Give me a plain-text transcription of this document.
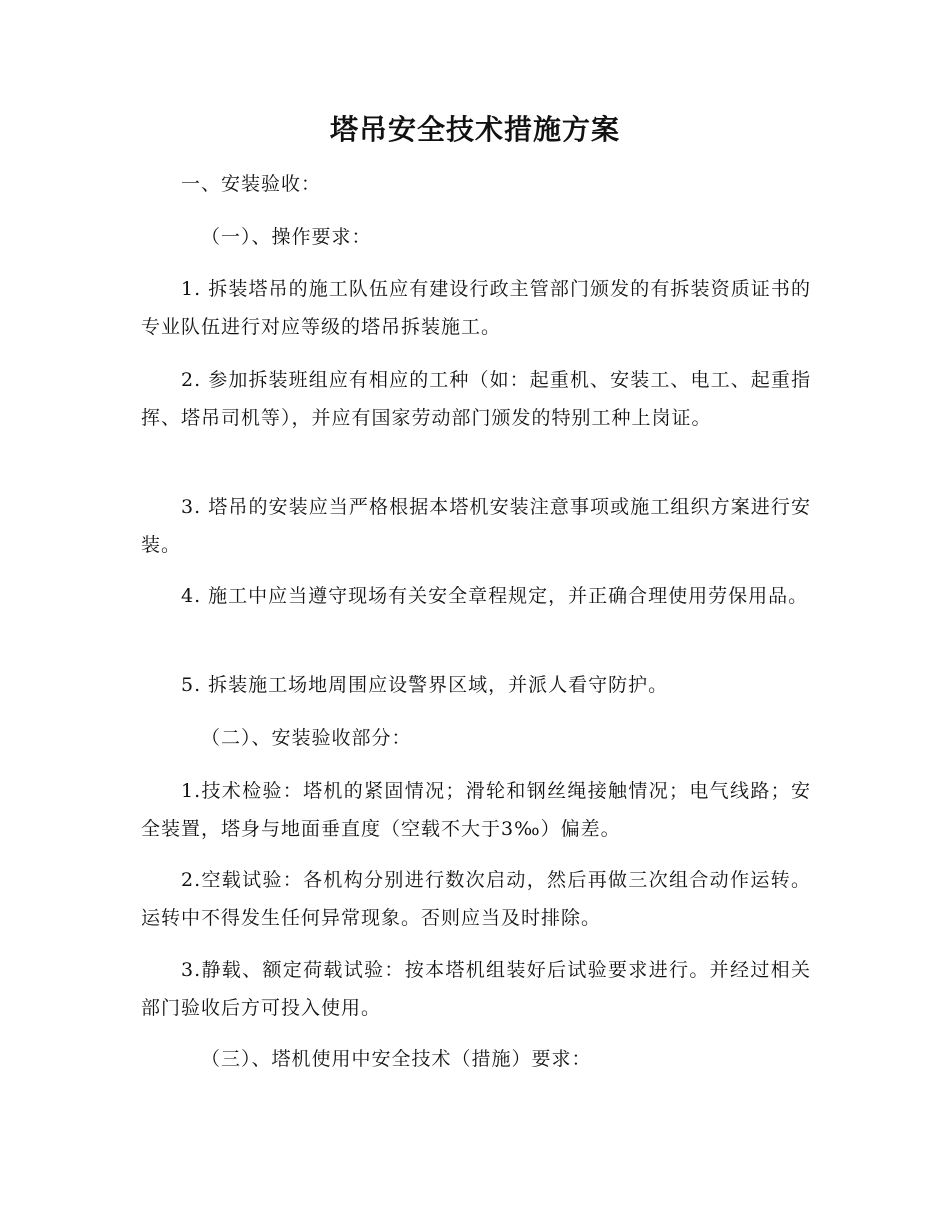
塔吊安全技术措施方案

一、安装验收：

（一）、操作要求：

1. 拆装塔吊的施工队伍应有建设行政主管部门颁发的有拆装资质证书的专业队伍进行对应等级的塔吊拆装施工。

2. 参加拆装班组应有相应的工种（如：起重机、安装工、电工、起重指挥、塔吊司机等），并应有国家劳动部门颁发的特别工种上岗证。

3. 塔吊的安装应当严格根据本塔机安装注意事项或施工组织方案进行安装。

4. 施工中应当遵守现场有关安全章程规定，并正确合理使用劳保用品。

5. 拆装施工场地周围应设警界区域，并派人看守防护。

（二）、安装验收部分：

1.技术检验：塔机的紧固情况；滑轮和钢丝绳接触情况；电气线路；安全装置，塔身与地面垂直度（空载不大于3‰）偏差。

2.空载试验：各机构分别进行数次启动，然后再做三次组合动作运转。运转中不得发生任何异常现象。否则应当及时排除。

3.静载、额定荷载试验：按本塔机组装好后试验要求进行。并经过相关部门验收后方可投入使用。

（三）、塔机使用中安全技术（措施）要求：
